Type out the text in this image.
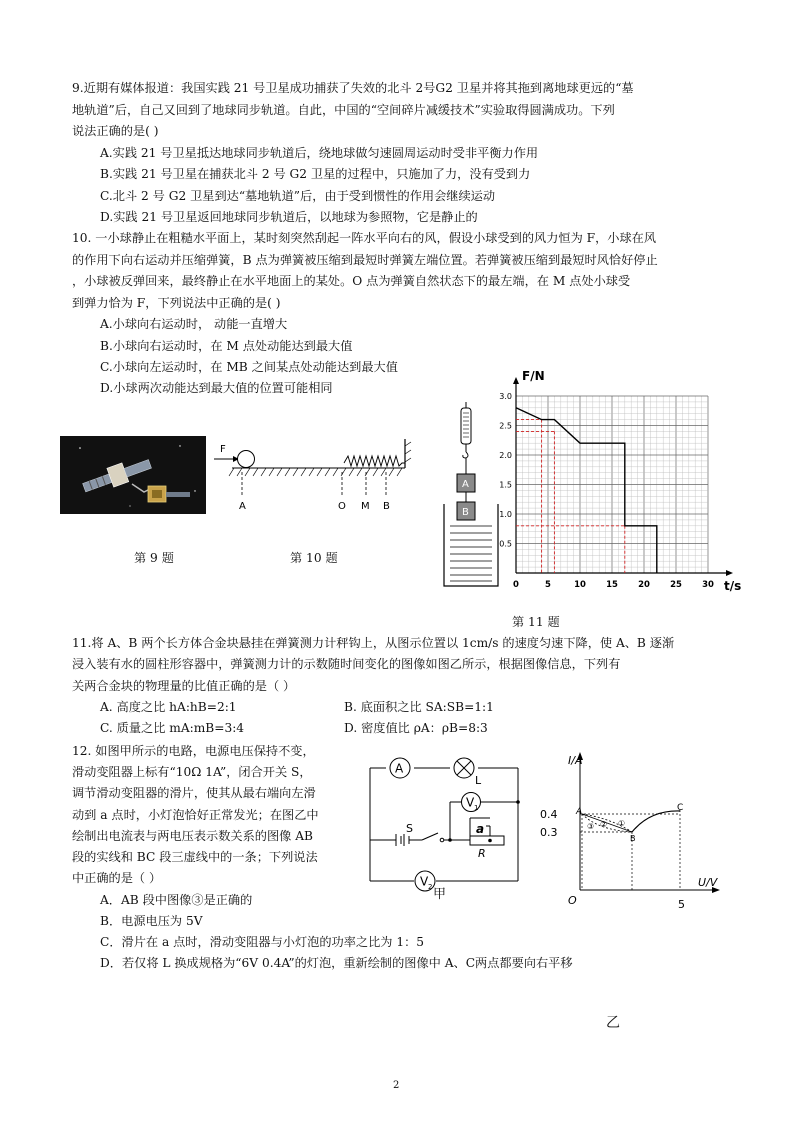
9.近期有媒体报道：我国实践 21 号卫星成功捕获了失效的北斗 2号G2 卫星并将其拖到离地球更远的“墓
地轨道”后，自己又回到了地球同步轨道。自此，中国的“空间碎片减缓技术”实验取得圆满成功。下列
说法正确的是( )
A.实践 21 号卫星抵达地球同步轨道后，绕地球做匀速圆周运动时受非平衡力作用
B.实践 21 号卫星在捕获北斗 2 号 G2 卫星的过程中，只施加了力，没有受到力
C.北斗 2 号 G2 卫星到达“墓地轨道”后，由于受到惯性的作用会继续运动
D.实践 21 号卫星返回地球同步轨道后，以地球为参照物，它是静止的
10. 一小球静止在粗糙水平面上，某时刻突然刮起一阵水平向右的风，假设小球受到的风力恒为 F，小球在风
的作用下向右运动并压缩弹簧，B 点为弹簧被压缩到最短时弹簧左端位置。若弹簧被压缩到最短时风恰好停止
，小球被反弹回来，最终静止在水平地面上的某处。O 点为弹簧自然状态下的最左端，在 M 点处小球受
到弹力恰为 F，下列说法中正确的是( )
A.小球向右运动时， 动能一直增大
B.小球向右运动时，在 M 点处动能达到最大值
C.小球向左运动时，在 MB 之间某点处动能达到最大值
D.小球两次动能达到最大值的位置可能相同
第 9 题
F
A	O M B
第 10 题
A
B
0	5	10 15 20 25 30
0.5
1.0
1.5
2.0
2.5
3.0
F/N
t/s
第 11 题
11.将 A、B 两个长方体合金块悬挂在弹簧测力计秤钩上，从图示位置以 1cm/s 的速度匀速下降，使 A、B 逐渐
浸入装有水的圆柱形容器中，弹簧测力计的示数随时间变化的图像如图乙所示，根据图像信息，下列有
关两合金块的物理量的比值正确的是（ ）
A. 高度之比 hA:hB=2:1	B. 底面积之比 SA:SB=1:1
C. 质量之比 mA:mB=3:4	D. 密度值比 ρA：ρB=8:3
12. 如图甲所示的电路，电源电压保持不变，
滑动变阻器上标有“10Ω 1A”，闭合开关 S，
调节滑动变阻器的滑片，使其从最右端向左滑
动到 a 点时，小灯泡恰好正常发光；在图乙中
绘制出电流表与两电压表示数关系的图像 AB
段的实线和 BC 段三虚线中的一条；下列说法
中正确的是（ ）
A．AB 段中图像③是正确的
B．电源电压为 5V
C．滑片在 a 点时，滑动变阻器与小灯泡的功率之比为 1：5
D．若仅将 L 换成规格为“6V 0.4A”的灯泡，重新绘制的图像中 A、C两点都要向右平移
A
L
V 1
V 2
S	a
R
甲
I/A
U/V
O
0.4
0.3
5
A
B
C
①
②
③
乙
2
